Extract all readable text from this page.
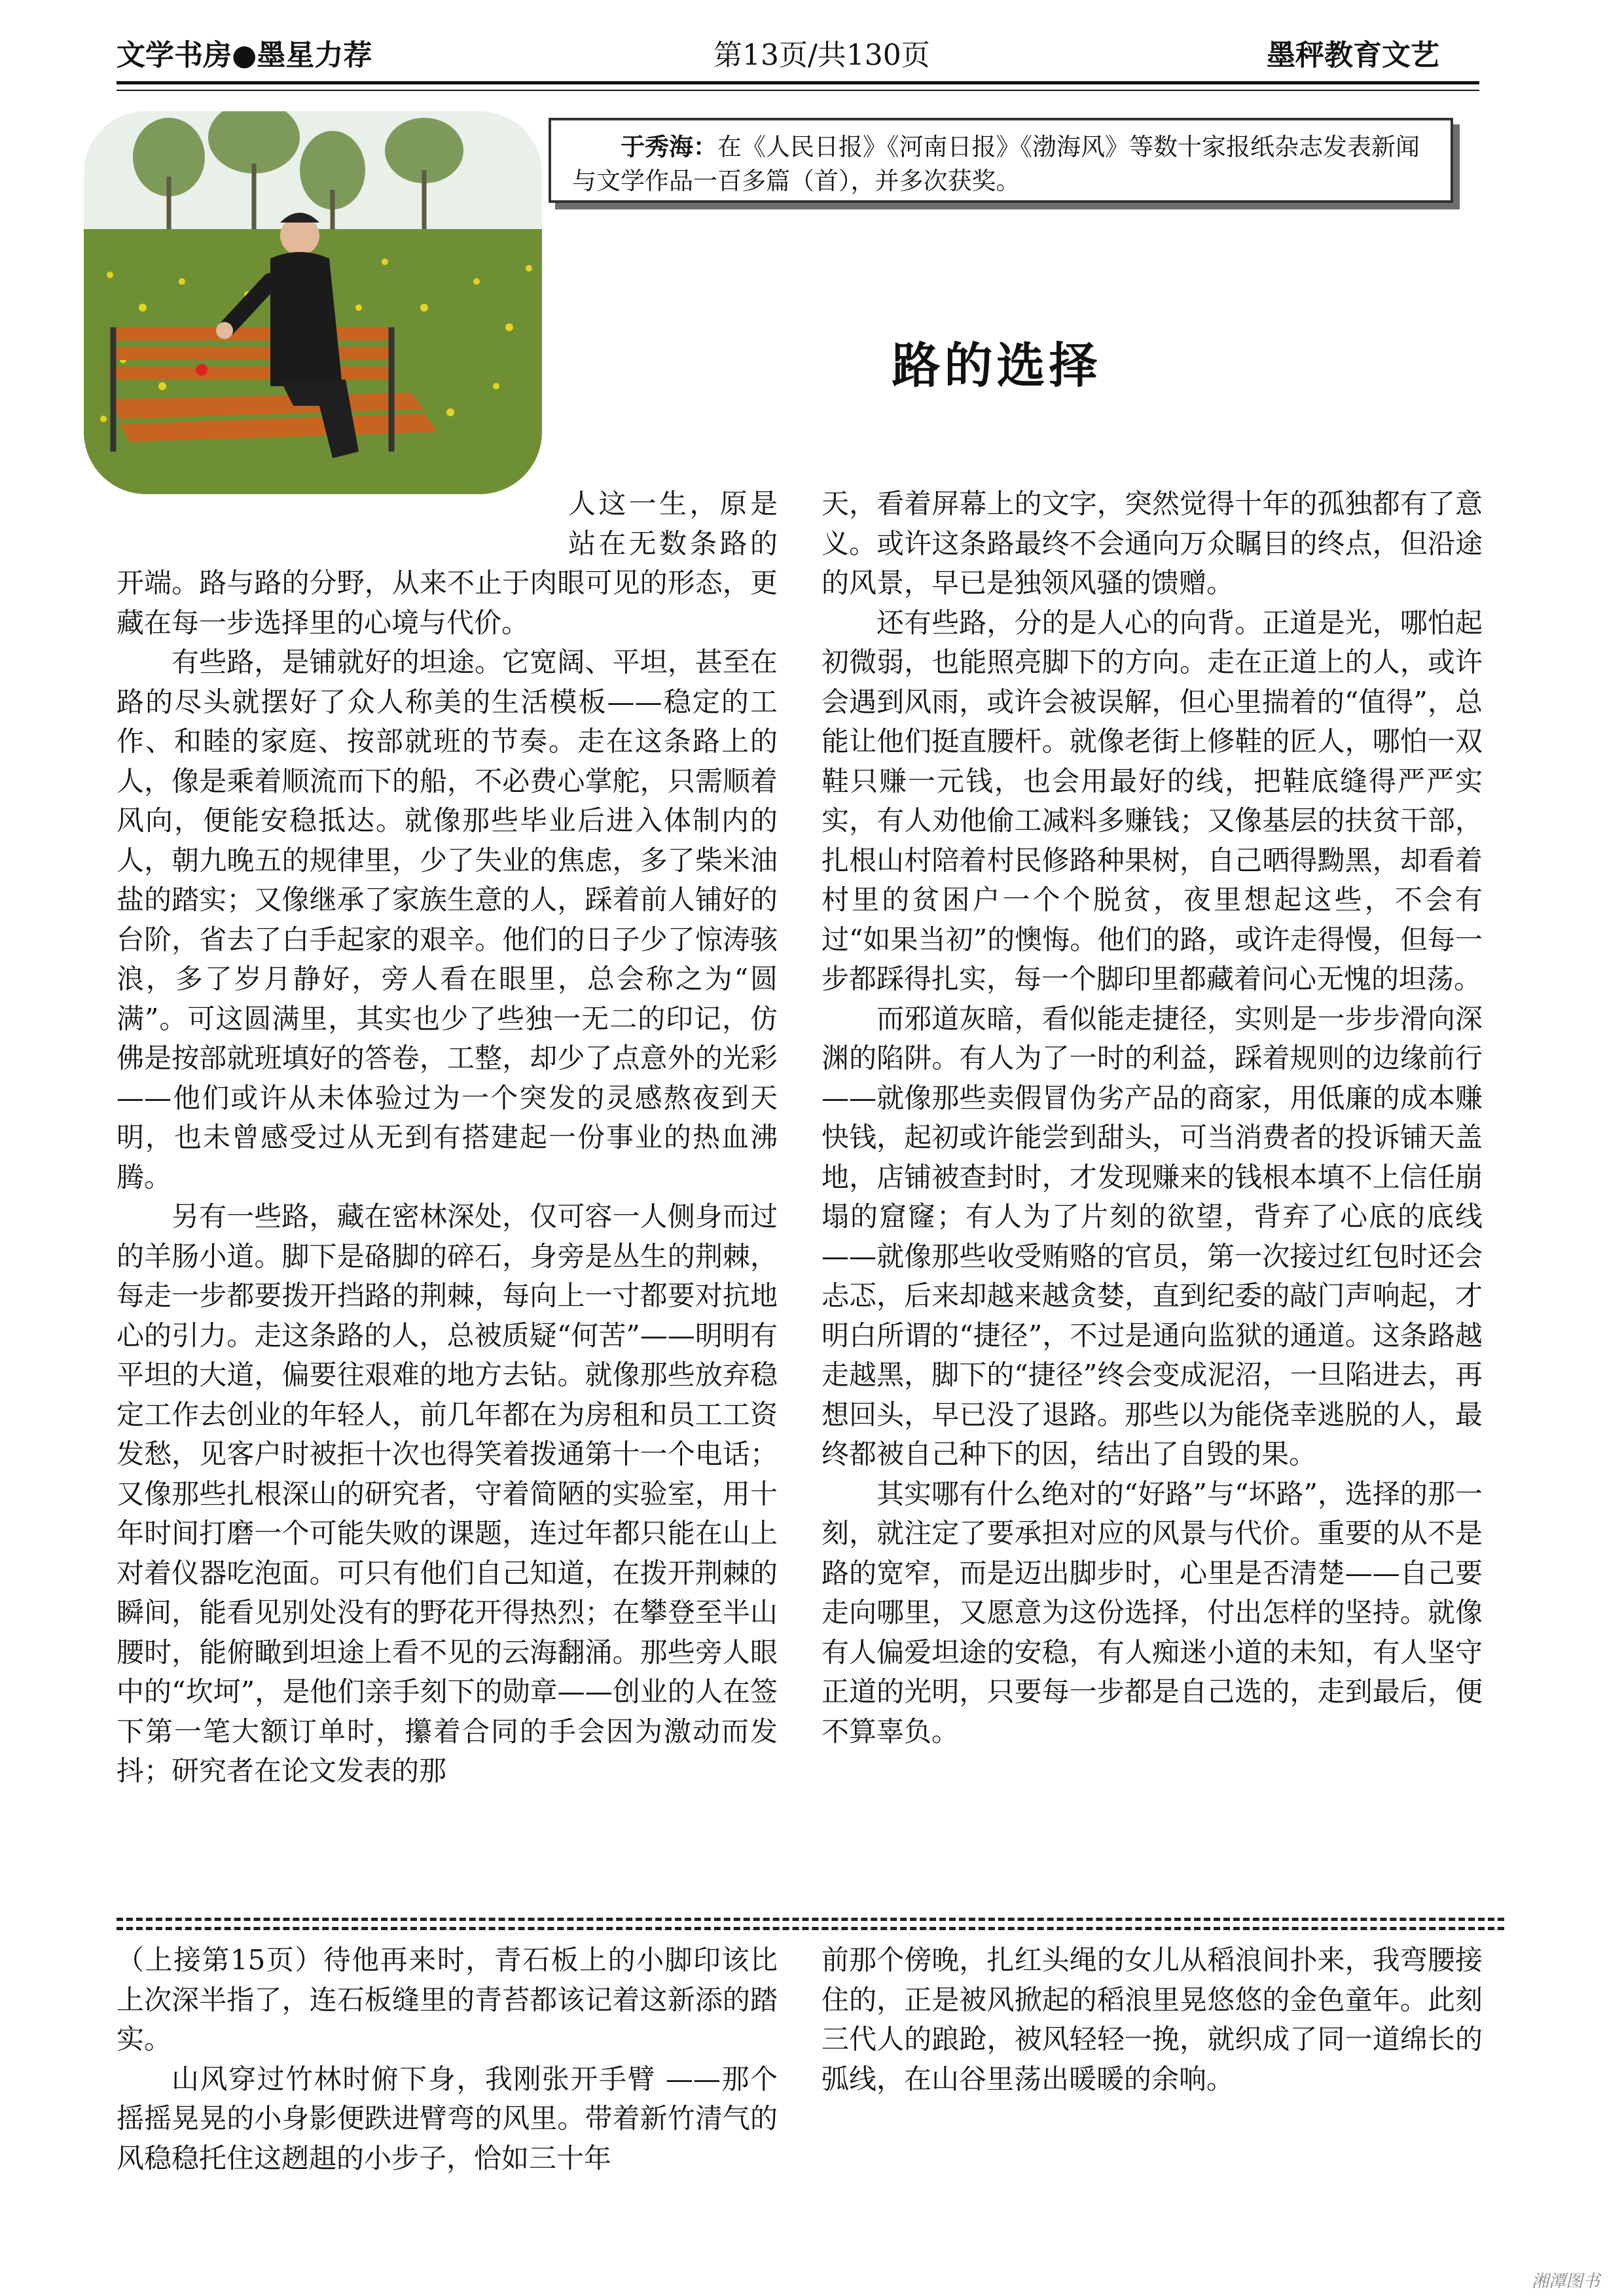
文学书房●墨星力荐	第13页/共130页	墨秤教育文艺
于秀海：在《人民日报》《河南日报》《渤海风》等数十家报纸杂志发表新闻与文学作品一百多篇（首），并多次获奖。
路的选择

人这一生，原是站在无数条路的开端。路与路的分野，从来不止于肉眼可见的形态，更藏在每一步选择里的心境与代价。

有些路，是铺就好的坦途。它宽阔、平坦，甚至在路的尽头就摆好了众人称美的生活模板——稳定的工作、和睦的家庭、按部就班的节奏。走在这条路上的人，像是乘着顺流而下的船，不必费心掌舵，只需顺着风向，便能安稳抵达。就像那些毕业后进入体制内的人，朝九晚五的规律里，少了失业的焦虑，多了柴米油盐的踏实；又像继承了家族生意的人，踩着前人铺好的台阶，省去了白手起家的艰辛。他们的日子少了惊涛骇浪，多了岁月静好，旁人看在眼里，总会称之为“圆满”。可这圆满里，其实也少了些独一无二的印记，仿佛是按部就班填好的答卷，工整，却少了点意外的光彩——他们或许从未体验过为一个突发的灵感熬夜到天明，也未曾感受过从无到有搭建起一份事业的热血沸腾。

另有一些路，藏在密林深处，仅可容一人侧身而过的羊肠小道。脚下是硌脚的碎石，身旁是丛生的荆棘，每走一步都要拨开挡路的荆棘，每向上一寸都要对抗地心的引力。走这条路的人，总被质疑“何苦”——明明有平坦的大道，偏要往艰难的地方去钻。就像那些放弃稳定工作去创业的年轻人，前几年都在为房租和员工工资发愁，见客户时被拒十次也得笑着拨通第十一个电话；又像那些扎根深山的研究者，守着简陋的实验室，用十年时间打磨一个可能失败的课题，连过年都只能在山上对着仪器吃泡面。可只有他们自己知道，在拨开荆棘的瞬间，能看见别处没有的野花开得热烈；在攀登至半山腰时，能俯瞰到坦途上看不见的云海翻涌。那些旁人眼中的“坎坷”，是他们亲手刻下的勋章——创业的人在签下第一笔大额订单时，攥着合同的手会因为激动而发抖；研究者在论文发表的那

天，看着屏幕上的文字，突然觉得十年的孤独都有了意义。或许这条路最终不会通向万众瞩目的终点，但沿途的风景，早已是独领风骚的馈赠。

还有些路，分的是人心的向背。正道是光，哪怕起初微弱，也能照亮脚下的方向。走在正道上的人，或许会遇到风雨，或许会被误解，但心里揣着的“值得”，总能让他们挺直腰杆。就像老街上修鞋的匠人，哪怕一双鞋只赚一元钱，也会用最好的线，把鞋底缝得严严实实，有人劝他偷工减料多赚钱；又像基层的扶贫干部，扎根山村陪着村民修路种果树，自己晒得黝黑，却看着村里的贫困户一个个脱贫，夜里想起这些，不会有过“如果当初”的懊悔。他们的路，或许走得慢，但每一步都踩得扎实，每一个脚印里都藏着问心无愧的坦荡。

而邪道灰暗，看似能走捷径，实则是一步步滑向深渊的陷阱。有人为了一时的利益，踩着规则的边缘前行——就像那些卖假冒伪劣产品的商家，用低廉的成本赚快钱，起初或许能尝到甜头，可当消费者的投诉铺天盖地，店铺被查封时，才发现赚来的钱根本填不上信任崩塌的窟窿；有人为了片刻的欲望，背弃了心底的底线——就像那些收受贿赂的官员，第一次接过红包时还会忐忑，后来却越来越贪婪，直到纪委的敲门声响起，才明白所谓的“捷径”，不过是通向监狱的通道。这条路越走越黑，脚下的“捷径”终会变成泥沼，一旦陷进去，再想回头，早已没了退路。那些以为能侥幸逃脱的人，最终都被自己种下的因，结出了自毁的果。

其实哪有什么绝对的“好路”与“坏路”，选择的那一刻，就注定了要承担对应的风景与代价。重要的从不是路的宽窄，而是迈出脚步时，心里是否清楚——自己要走向哪里，又愿意为这份选择，付出怎样的坚持。就像有人偏爱坦途的安稳，有人痴迷小道的未知，有人坚守正道的光明，只要每一步都是自己选的，走到最后，便不算辜负。

（上接第15页）待他再来时，青石板上的小脚印该比上次深半指了，连石板缝里的青苔都该记着这新添的踏实。

山风穿过竹林时俯下身，我刚张开手臂 ——那个摇摇晃晃的小身影便跌进臂弯的风里。带着新竹清气的风稳稳托住这趔趄的小步子，恰如三十年

前那个傍晚，扎红头绳的女儿从稻浪间扑来，我弯腰接住的，正是被风掀起的稻浪里晃悠悠的金色童年。此刻三代人的踉跄，被风轻轻一挽，就织成了同一道绵长的弧线，在山谷里荡出暖暖的余响。

湘潭图书
